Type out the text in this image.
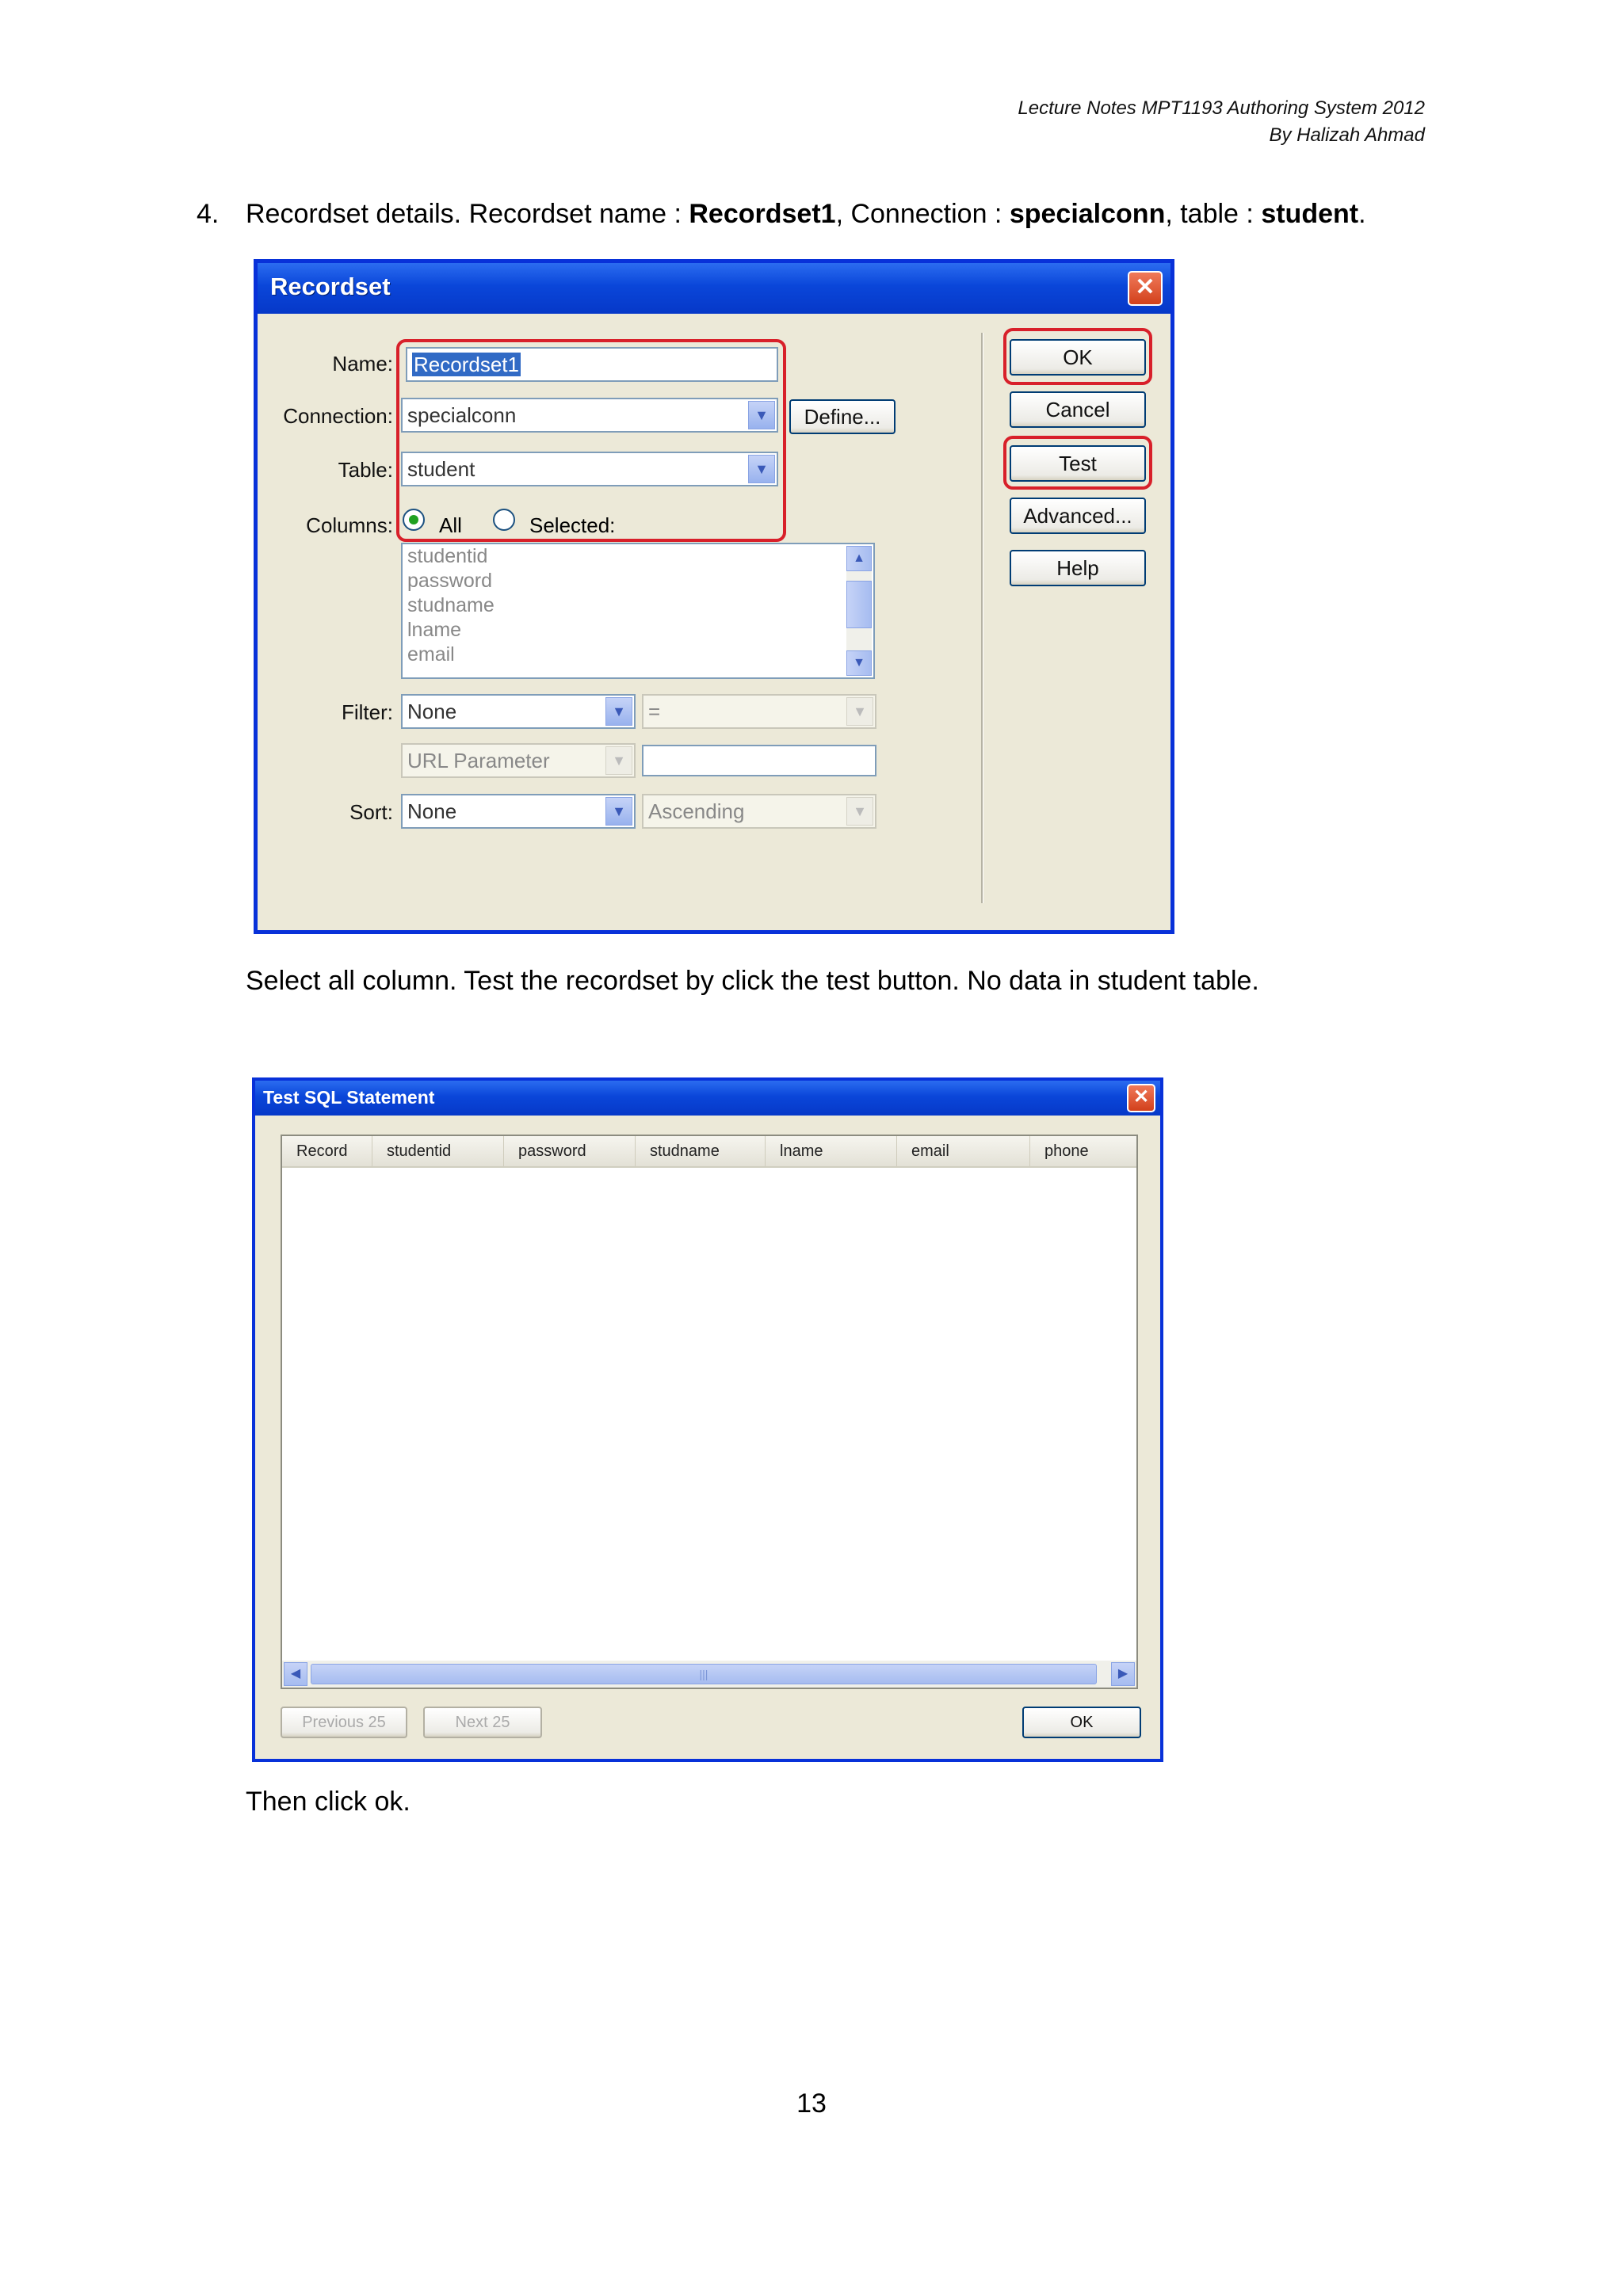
Lecture Notes MPT1193 Authoring System 2012
By Halizah Ahmad
4. Recordset details. Recordset name : Recordset1, Connection : specialconn, table : student.
Recordset	✕
Name:	Recordset1
Connection: specialconn	▼	Define...
Table: student	▼
Columns: All	Selected:
studentid
password
studname
lname
email
▲
▼
Filter: None	▼	=	▼
URL Parameter	▼
Sort: None	▼	Ascending	▼
OK
Cancel
Test
Advanced...
Help
Select all column. Test the recordset by click the test button. No data in student table.
Test SQL Statement	✕
Record	studentid	password	studname	lname	email	phone
◀	|||	▶
Previous 25	Next 25	OK
Then click ok.
13
